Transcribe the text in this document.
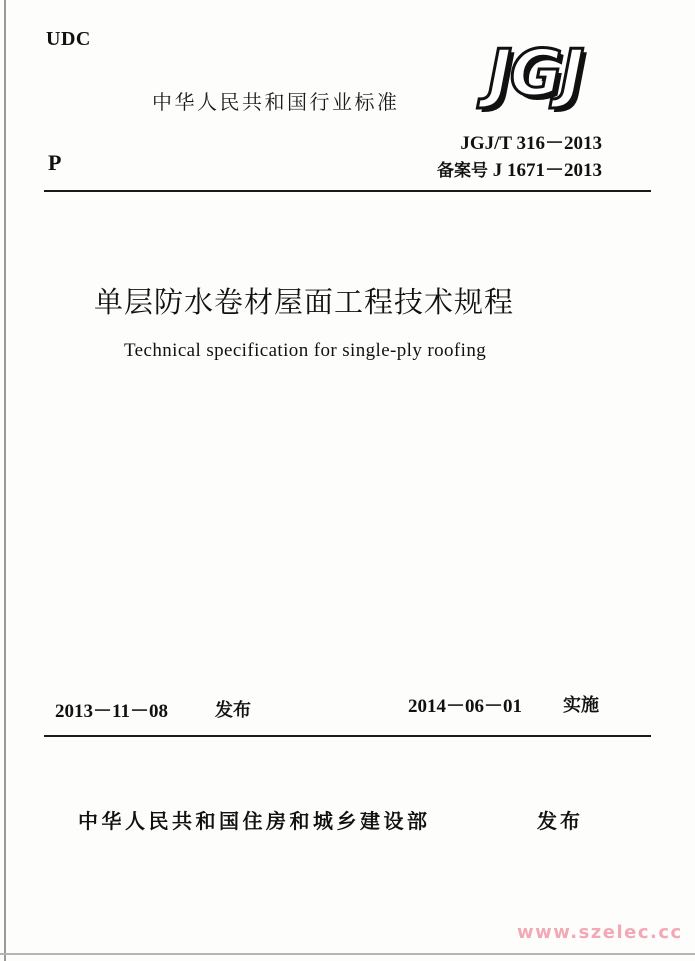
UDC
中华人民共和国行业标准 JGJ
JGJ/T 316－2013
P	备案号 J 1671－2013
单层防水卷材屋面工程技术规程
Technical specification for single-ply roofing
2013－11－08	发布	2014－06－01 实施
中华人民共和国住房和城乡建设部	发布
www.szelec.cc
